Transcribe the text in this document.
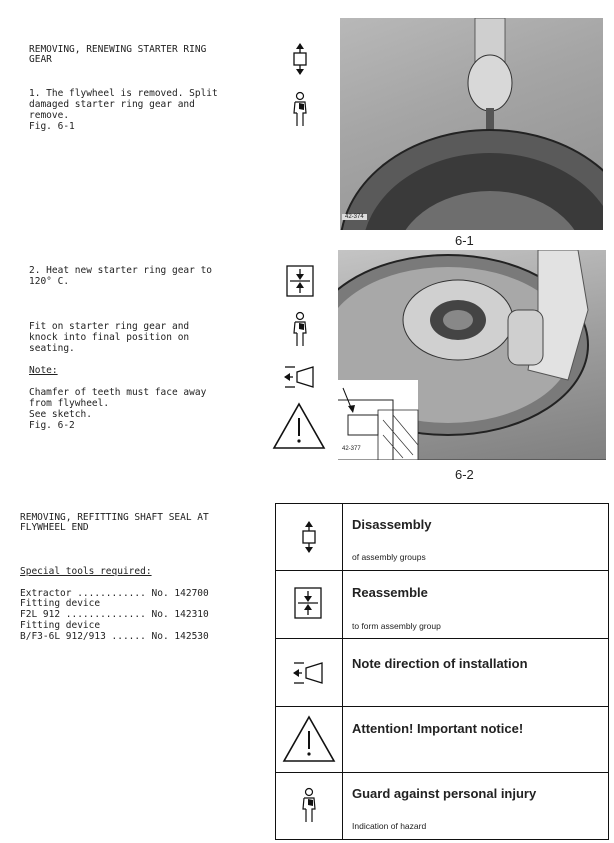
REMOVING, RENEWING STARTER RING
GEAR
1. The flywheel is removed. Split
damaged starter ring gear and
remove.
Fig. 6-1
42-374
6-1
2. Heat new starter ring gear to
120° C.
Fit on starter ring gear and
knock into final position on
seating.
Note:
Chamfer of teeth must face away
from flywheel.
See sketch.
Fig. 6-2
42-377
6-2
REMOVING, REFITTING SHAFT SEAL AT
FLYWHEEL END
Special tools required:
Extractor ............ No. 142700
Fitting device
F2L 912 .............. No. 142310
Fitting device
B/F3-6L 912/913 ...... No. 142530
Disassembly
of assembly groups
Reassemble
to form assembly group
Note direction of installation
Attention! Important notice!
Guard against personal injury
Indication of hazard
